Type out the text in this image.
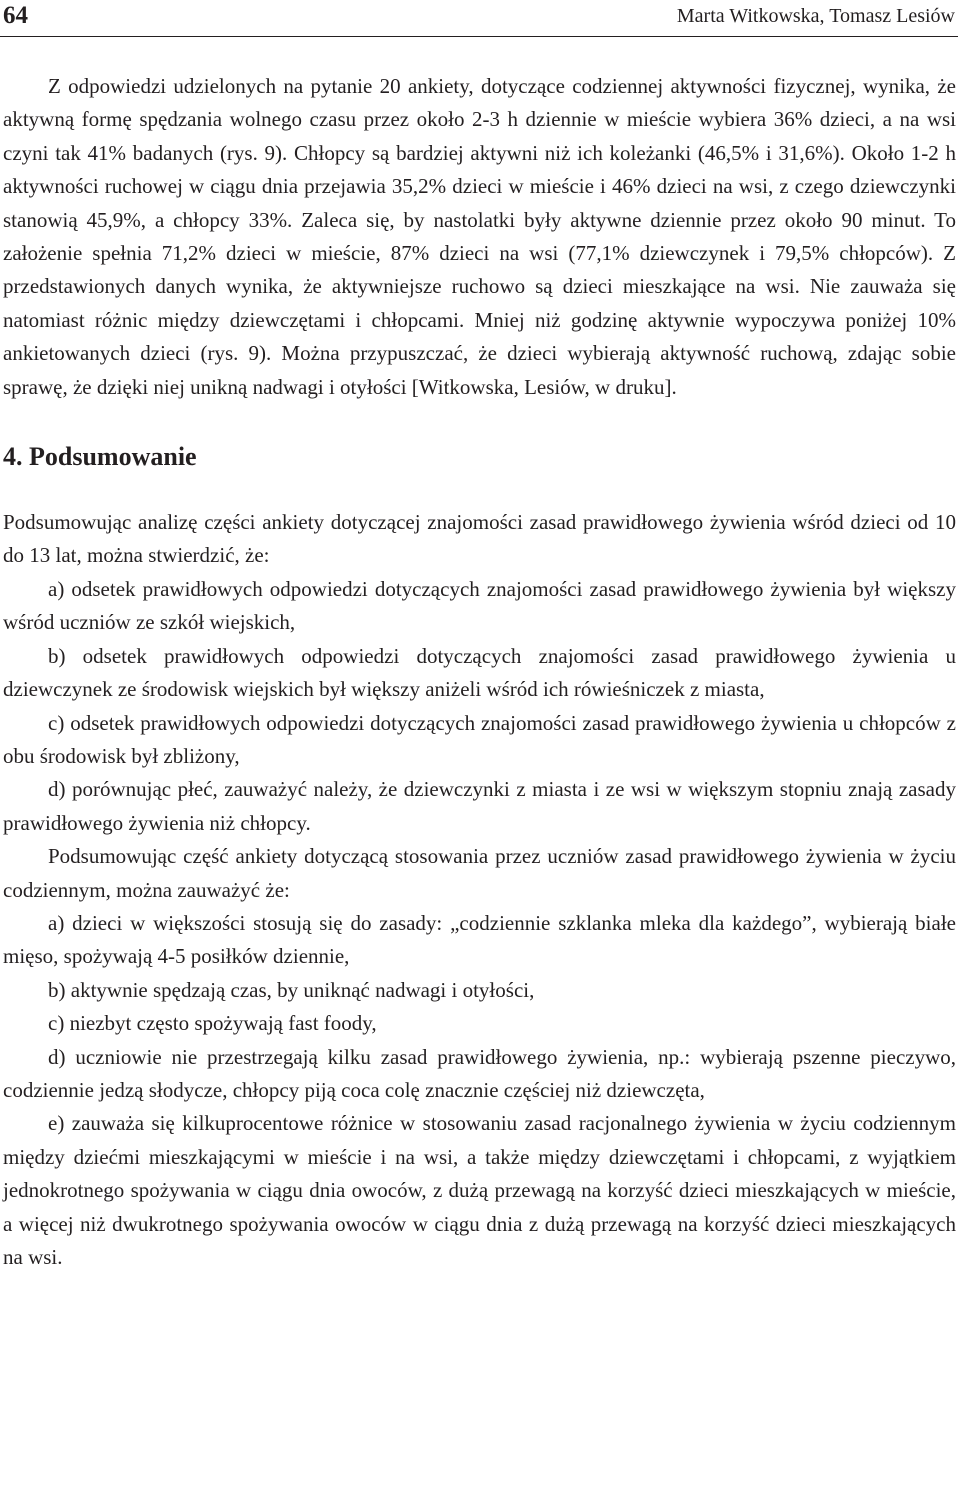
64	Marta Witkowska, Tomasz Lesiów

Z odpowiedzi udzielonych na pytanie 20 ankiety, dotyczące codziennej aktywności fizycznej, wynika, że aktywną formę spędzania wolnego czasu przez około 2-3 h dziennie w mieście wybiera 36% dzieci, a na wsi czyni tak 41% badanych (rys. 9). Chłopcy są bardziej aktywni niż ich koleżanki (46,5% i 31,6%). Około 1-2 h aktywności ruchowej w ciągu dnia przejawia 35,2% dzieci w mieście i 46% dzieci na wsi, z czego dziewczynki stanowią 45,9%, a chłopcy 33%. Zaleca się, by nastolatki były aktywne dziennie przez około 90 minut. To założenie spełnia 71,2% dzieci w mieście, 87% dzieci na wsi (77,1% dziewczynek i 79,5% chłopców). Z przedstawionych danych wynika, że aktywniejsze ruchowo są dzieci mieszkające na wsi. Nie zauważa się natomiast różnic między dziewczętami i chłopcami. Mniej niż godzinę aktywnie wypoczywa poniżej 10% ankietowanych dzieci (rys. 9). Można przypuszczać, że dzieci wybierają aktywność ruchową, zdając sobie sprawę, że dzięki niej unikną nadwagi i otyłości [Witkowska, Lesiów, w druku].

4. Podsumowanie

Podsumowując analizę części ankiety dotyczącej znajomości zasad prawidłowego żywienia wśród dzieci od 10 do 13 lat, można stwierdzić, że:

a) odsetek prawidłowych odpowiedzi dotyczących znajomości zasad prawidłowego żywienia był większy wśród uczniów ze szkół wiejskich,

b) odsetek prawidłowych odpowiedzi dotyczących znajomości zasad prawidłowego żywienia u dziewczynek ze środowisk wiejskich był większy aniżeli wśród ich rówieśniczek z miasta,

c) odsetek prawidłowych odpowiedzi dotyczących znajomości zasad prawidłowego żywienia u chłopców z obu środowisk był zbliżony,

d) porównując płeć, zauważyć należy, że dziewczynki z miasta i ze wsi w większym stopniu znają zasady prawidłowego żywienia niż chłopcy.

Podsumowując część ankiety dotyczącą stosowania przez uczniów zasad prawidłowego żywienia w życiu codziennym, można zauważyć że:

a) dzieci w większości stosują się do zasady: „codziennie szklanka mleka dla każdego”, wybierają białe mięso, spożywają 4-5 posiłków dziennie,

b) aktywnie spędzają czas, by uniknąć nadwagi i otyłości,

c) niezbyt często spożywają fast foody,

d) uczniowie nie przestrzegają kilku zasad prawidłowego żywienia, np.: wybierają pszenne pieczywo, codziennie jedzą słodycze, chłopcy piją coca colę znacznie częściej niż dziewczęta,

e) zauważa się kilkuprocentowe różnice w stosowaniu zasad racjonalnego żywienia w życiu codziennym między dziećmi mieszkającymi w mieście i na wsi, a także między dziewczętami i chłopcami, z wyjątkiem jednokrotnego spożywania w ciągu dnia owoców, z dużą przewagą na korzyść dzieci mieszkających w mieście, a więcej niż dwukrotnego spożywania owoców w ciągu dnia z dużą przewagą na korzyść dzieci mieszkających na wsi.
